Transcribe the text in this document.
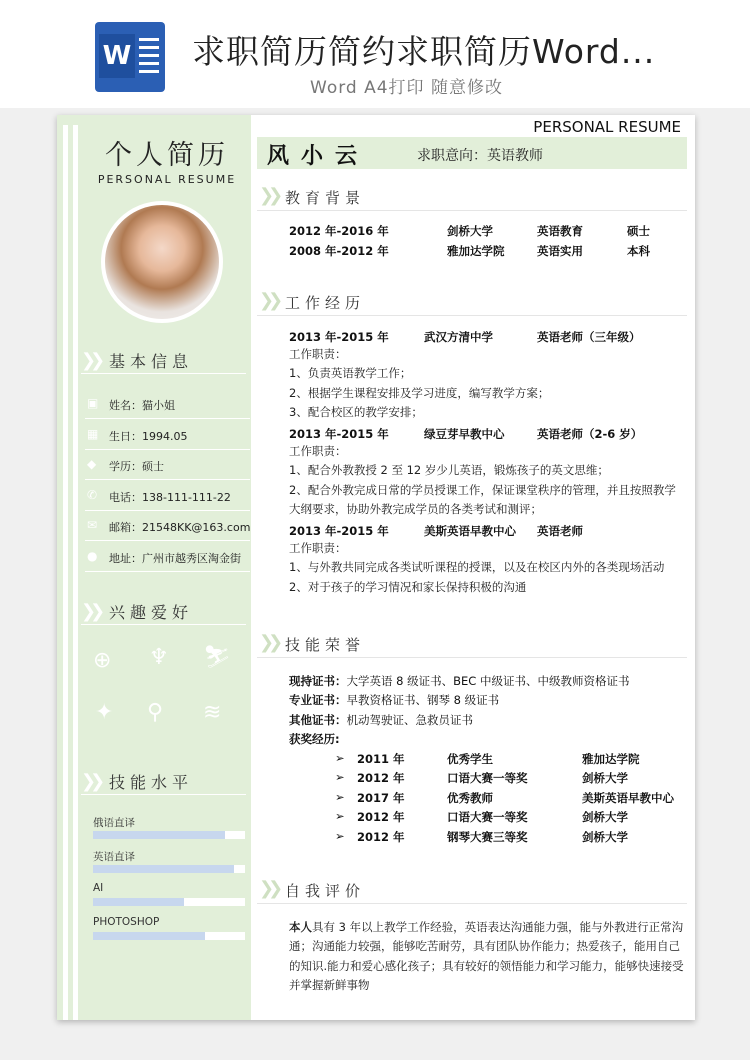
W 求职简历简约求职简历Word...
Word A4打印 随意修改
个人简历
PERSONAL RESUME
❯❯ 基本信息
▣ 姓名：猫小姐
▦ 生日：1994.05
◆	学历：硕士
✆	电话：138-111-111-22
✉	邮箱：21548KK@163.com
●	地址：广州市越秀区淘金街
❯❯ 兴趣爱好
⊕ ♆ ⛷
✦ ⚲ ≋
❯❯ 技能水平
俄语直译
英语直译
AI
PHOTOSHOP
PERSONAL RESUME
风小云	求职意向：英语教师
❯❯ 教育背景
2012 年-2016 年	剑桥大学	英语教育	硕士
2008 年-2012 年	雅加达学院	英语实用	本科
❯❯ 工作经历
2013 年-2015 年	武汉方清中学	英语老师（三年级）
工作职责：
1、负责英语教学工作；
2、根据学生课程安排及学习进度，编写教学方案；
3、配合校区的教学安排；
2013 年-2015 年	绿豆芽早教中心	英语老师（2-6 岁）
工作职责：
1、配合外教教授 2 至 12 岁少儿英语，锻炼孩子的英文思维；
2、配合外教完成日常的学员授课工作，保证课堂秩序的管理，并且按照教学大纲要求，协助外教完成学员的各类考试和测评；
2013 年-2015 年	美斯英语早教中心 英语老师
工作职责：
1、与外教共同完成各类试听课程的授课，以及在校区内外的各类现场活动
2、对于孩子的学习情况和家长保持积极的沟通
❯❯ 技能荣誉
现持证书：大学英语 8 级证书、BEC 中级证书、中级教师资格证书
专业证书：早教资格证书、钢琴 8 级证书
其他证书：机动驾驶证、急救员证书
获奖经历:
➢ 2011 年	优秀学生	雅加达学院
➢ 2012 年	口语大赛一等奖	剑桥大学
➢ 2017 年	优秀教师	美斯英语早教中心
➢ 2012 年	口语大赛一等奖	剑桥大学
➢ 2012 年	钢琴大赛三等奖	剑桥大学
❯❯ 自我评价
本人具有 3 年以上教学工作经验，英语表达沟通能力强，能与外教进行正常沟通；沟通能力较强，能够吃苦耐劳，具有团队协作能力；热爱孩子，能用自己的知识.能力和爱心感化孩子；具有较好的领悟能力和学习能力，能够快速接受并掌握新鲜事物
